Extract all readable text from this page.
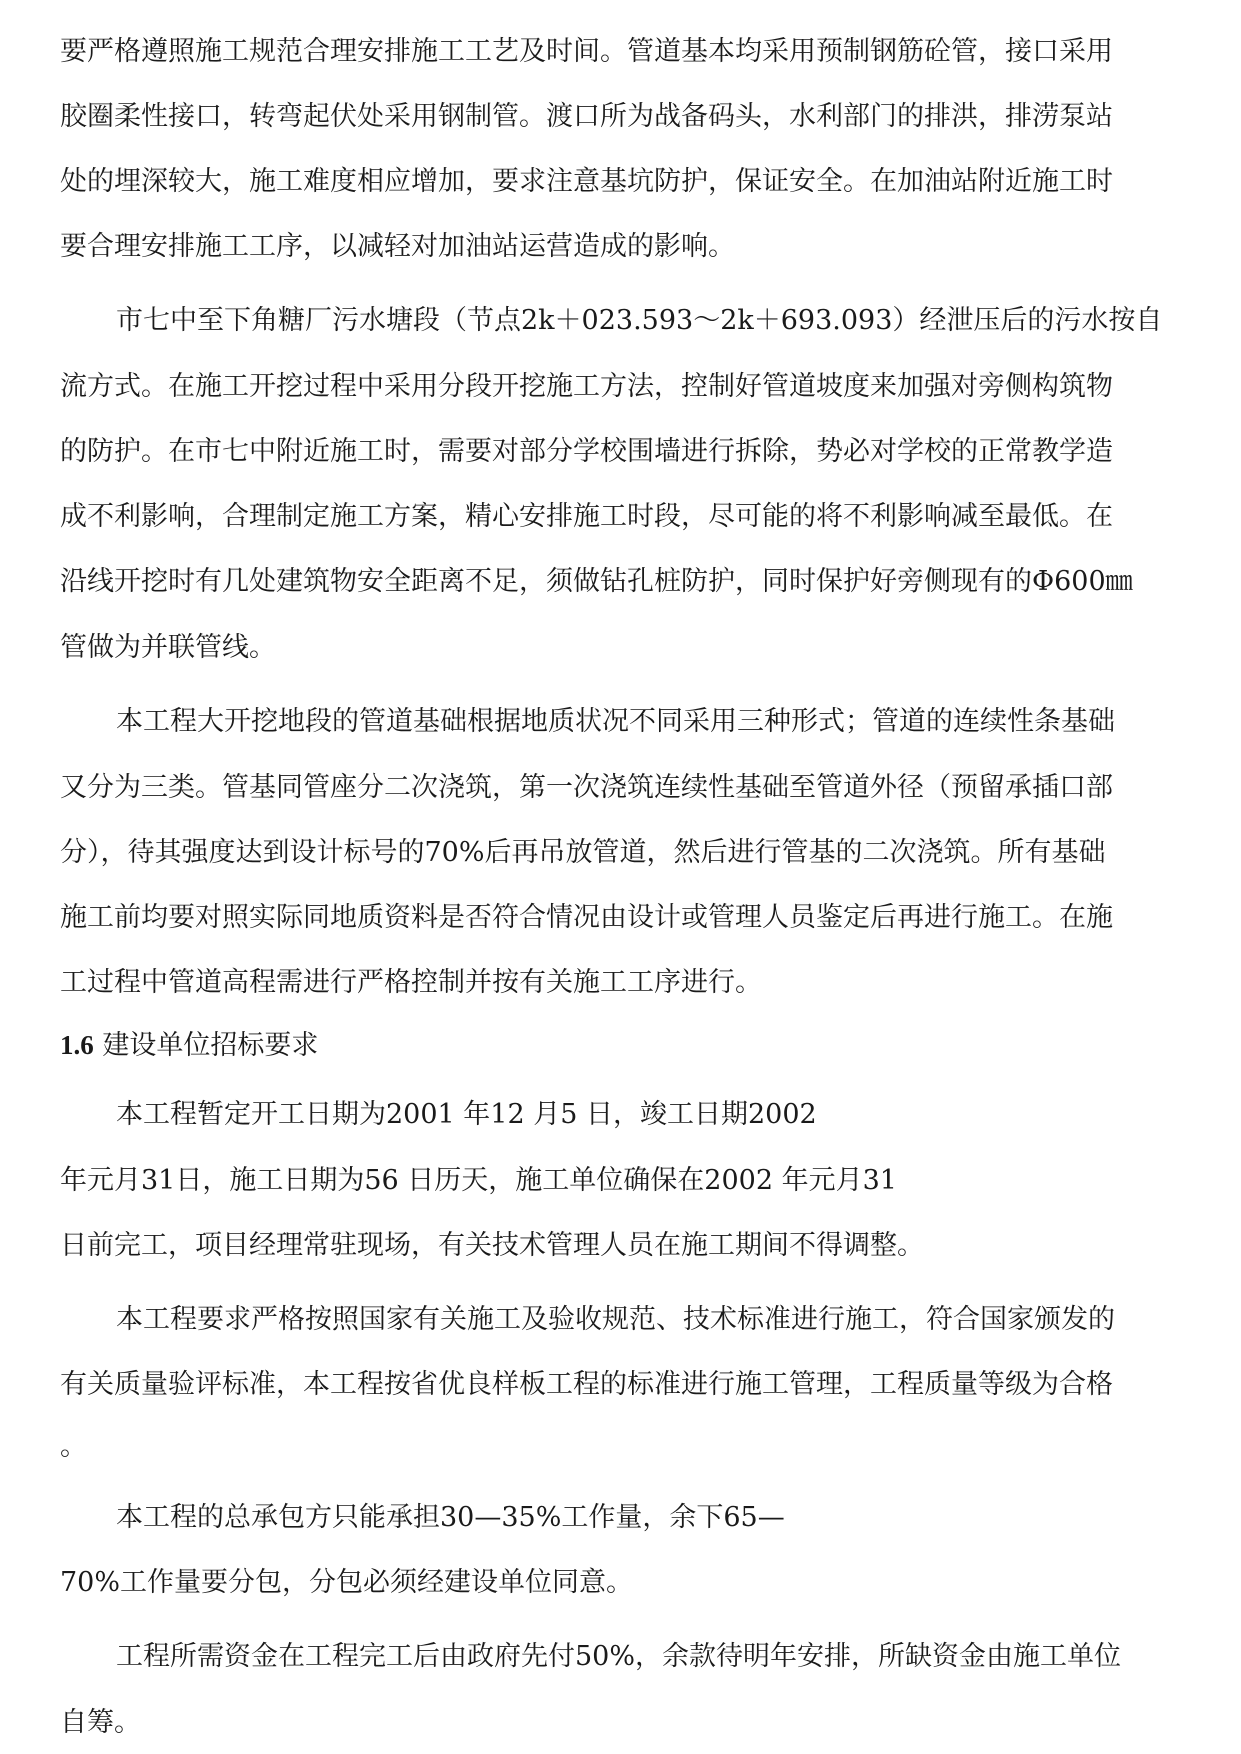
要严格遵照施工规范合理安排施工工艺及时间。管道基本均采用预制钢筋砼管，接口采用
胶圈柔性接口，转弯起伏处采用钢制管。渡口所为战备码头，水利部门的排洪，排涝泵站
处的埋深较大，施工难度相应增加，要求注意基坑防护，保证安全。在加油站附近施工时
要合理安排施工工序，以减轻对加油站运营造成的影响。
市七中至下角糖厂污水塘段（节点2k＋023.593～2k＋693.093）经泄压后的污水按自
流方式。在施工开挖过程中采用分段开挖施工方法，控制好管道坡度来加强对旁侧构筑物
的防护。在市七中附近施工时，需要对部分学校围墙进行拆除，势必对学校的正常教学造
成不利影响，合理制定施工方案，精心安排施工时段，尽可能的将不利影响减至最低。在
沿线开挖时有几处建筑物安全距离不足，须做钻孔桩防护，同时保护好旁侧现有的Φ600㎜
管做为并联管线。
本工程大开挖地段的管道基础根据地质状况不同采用三种形式；管道的连续性条基础
又分为三类。管基同管座分二次浇筑，第一次浇筑连续性基础至管道外径（预留承插口部
分），待其强度达到设计标号的70%后再吊放管道，然后进行管基的二次浇筑。所有基础
施工前均要对照实际同地质资料是否符合情况由设计或管理人员鉴定后再进行施工。在施
工过程中管道高程需进行严格控制并按有关施工工序进行。
1.6 建设单位招标要求
本工程暂定开工日期为2001 年12 月5 日，竣工日期2002
年元月31日，施工日期为56 日历天，施工单位确保在2002 年元月31
日前完工，项目经理常驻现场，有关技术管理人员在施工期间不得调整。
本工程要求严格按照国家有关施工及验收规范、技术标准进行施工，符合国家颁发的
有关质量验评标准，本工程按省优良样板工程的标准进行施工管理，工程质量等级为合格
。
本工程的总承包方只能承担30—35%工作量，余下65—
70%工作量要分包，分包必须经建设单位同意。
工程所需资金在工程完工后由政府先付50%，余款待明年安排，所缺资金由施工单位
自筹。
